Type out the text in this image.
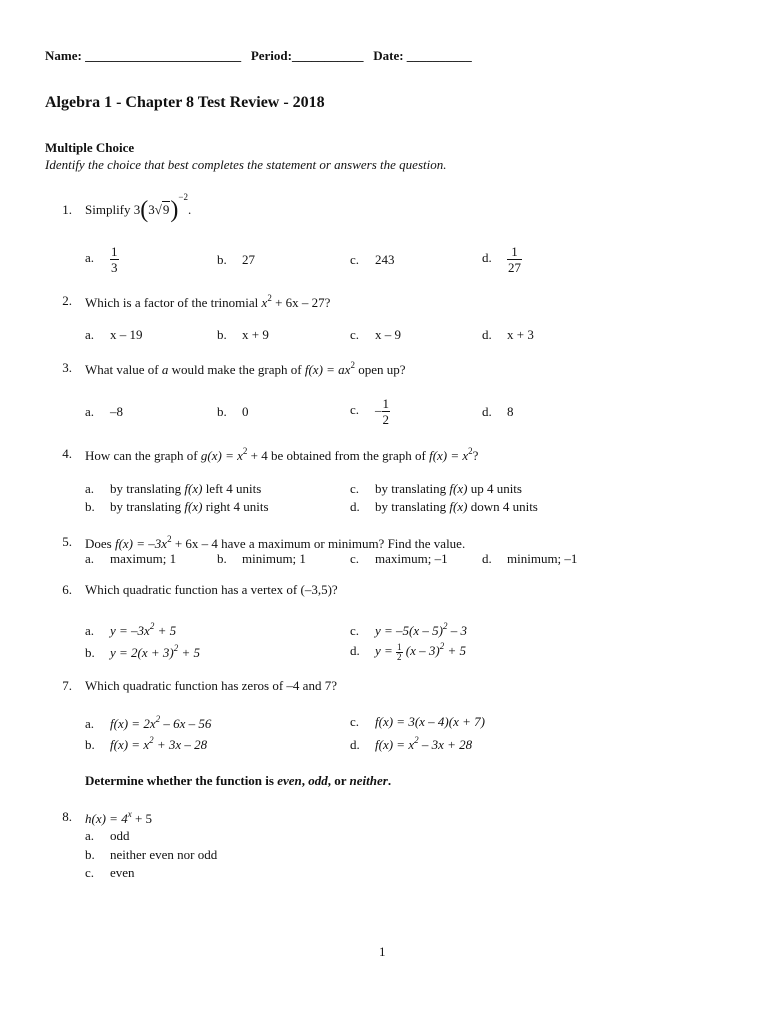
Name: ________________________ Period:___________ Date: __________
Algebra 1 - Chapter 8 Test Review - 2018
Multiple Choice
Identify the choice that best completes the statement or answers the question.
1. Simplify $3(3√9)^{-2}$.
a. $\frac{1}{3}$	b. 27	c. 243	d. $\frac{1}{27}$
2. Which is a factor of the trinomial $x^2 + 6x - 27$?
a. x – 19	b. x + 9	c. x – 9	d. x + 3
3. What value of a would make the graph of $f(x) = ax^2$ open up?
a. –8	b. 0	c. – $\frac{1}{2}$	d. 8
4. How can the graph of $g(x) = x^2 + 4$ be obtained from the graph of $f(x) = x^2$?
a. by translating f(x) left 4 units
b. by translating f(x) right 4 units
c. by translating f(x) up 4 units
d. by translating f(x) down 4 units
5. Does $f(x) = -3x^2 + 6x - 4$ have a maximum or minimum? Find the value.
a. maximum; 1	b. minimum; 1	c. maximum; –1	d. minimum; –1
6. Which quadratic function has a vertex of (–3,5)?
a. $y = -3x^2 + 5$
b. $y = 2(x + 3)^2 + 5$
c. y = –5(x – 5)$^2$ – 3
d. $y = \frac{1}{2} (x - 3)^2 + 5$
7. Which quadratic function has zeros of –4 and 7?
a. $f(x) = 2x^2 - 6x - 56$
b. $f(x) = x^2 + 3x - 28$
c. f(x) = 3(x – 4)(x + 7)
d. $f(x) = x^2 - 3x + 28$
Determine whether the function is even, odd, or neither.
8. $h(x) = 4^x + 5$
a. odd
b. neither even nor odd
c. even
1
